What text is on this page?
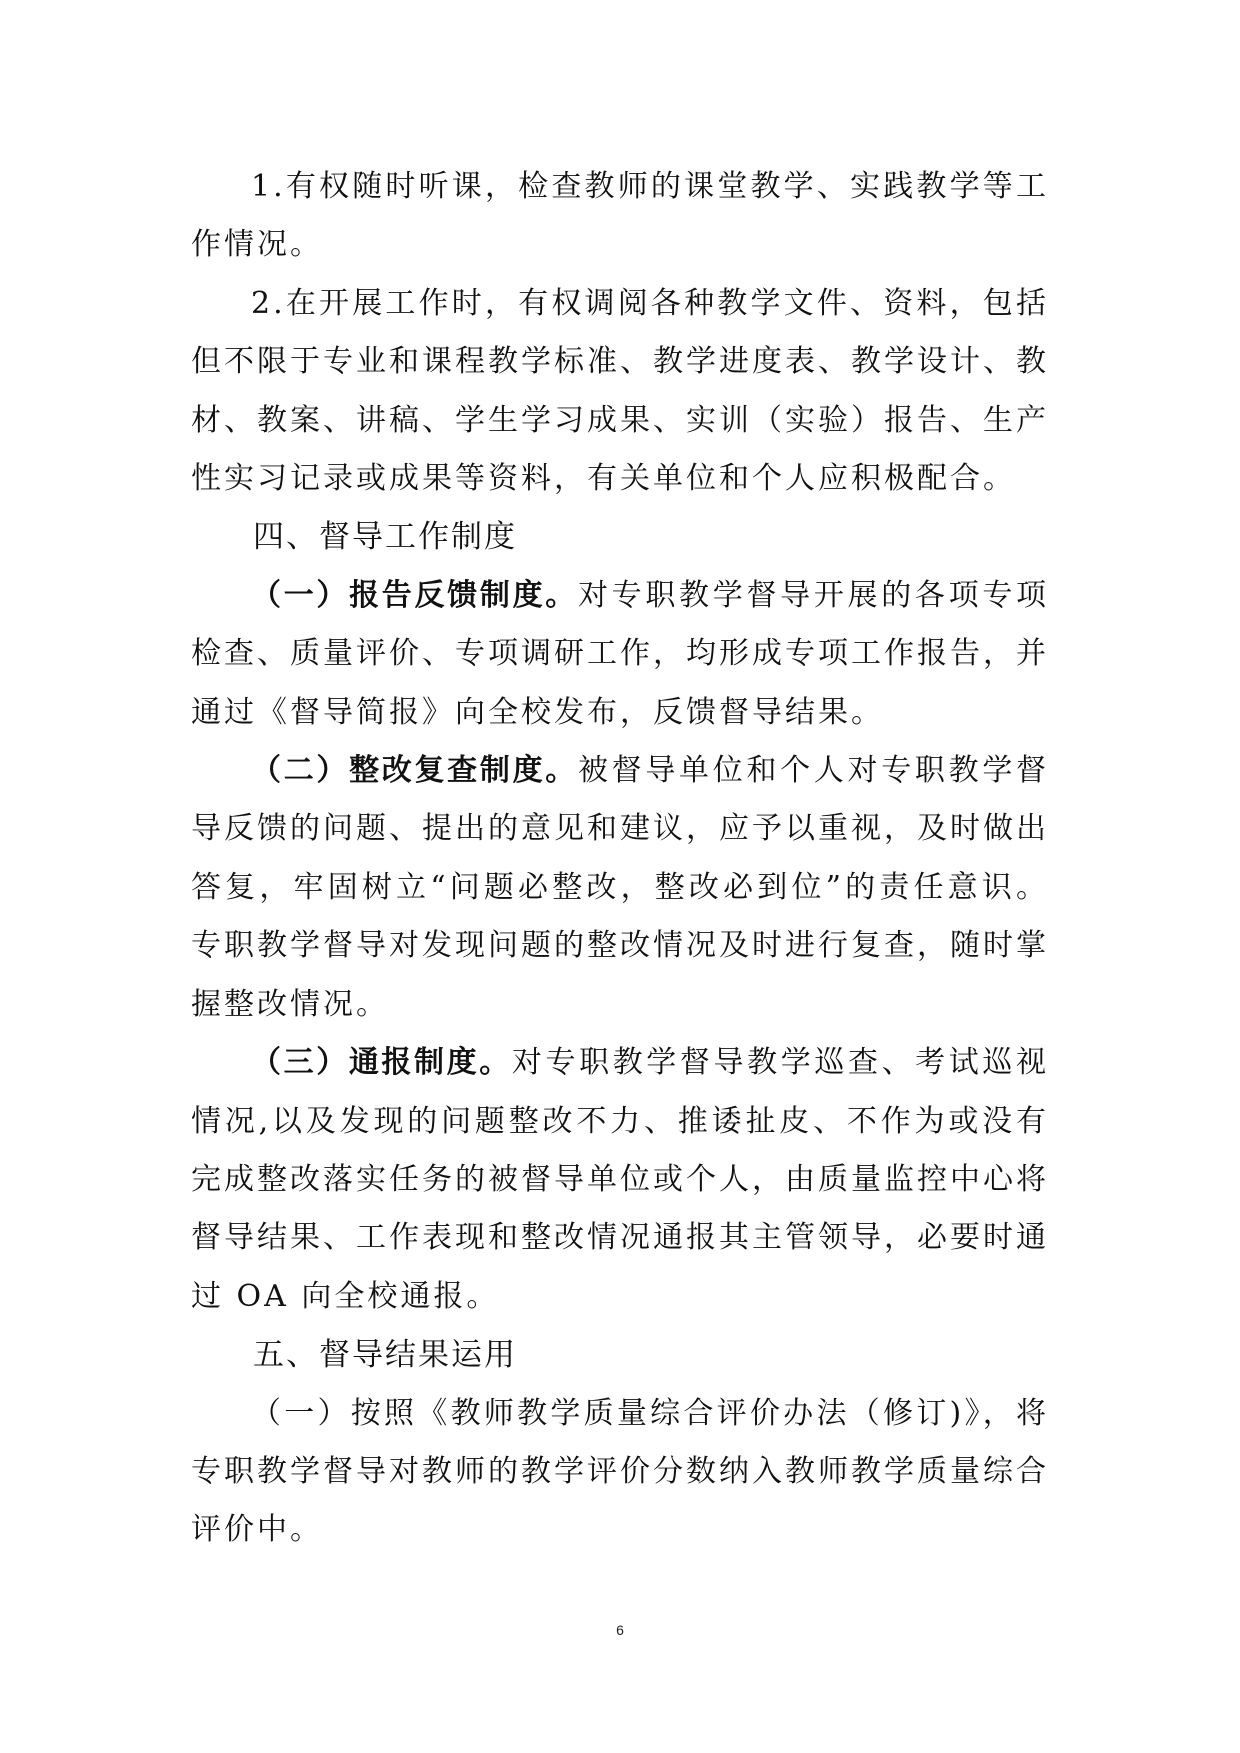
1.有权随时听课，检查教师的课堂教学、实践教学等工作情况。

2.在开展工作时，有权调阅各种教学文件、资料，包括但不限于专业和课程教学标准、教学进度表、教学设计、教材、教案、讲稿、学生学习成果、实训（实验）报告、生产性实习记录或成果等资料，有关单位和个人应积极配合。

四、督导工作制度

（一）报告反馈制度。对专职教学督导开展的各项专项检查、质量评价、专项调研工作，均形成专项工作报告，并通过《督导简报》向全校发布，反馈督导结果。

（二）整改复查制度。被督导单位和个人对专职教学督导反馈的问题、提出的意见和建议，应予以重视，及时做出答复，牢固树立“问题必整改，整改必到位”的责任意识。专职教学督导对发现问题的整改情况及时进行复查，随时掌握整改情况。

（三）通报制度。对专职教学督导教学巡查、考试巡视情况,以及发现的问题整改不力、推诿扯皮、不作为或没有完成整改落实任务的被督导单位或个人，由质量监控中心将督导结果、工作表现和整改情况通报其主管领导，必要时通过 OA 向全校通报。

五、督导结果运用

（一）按照《教师教学质量综合评价办法（修订)》，将专职教学督导对教师的教学评价分数纳入教师教学质量综合评价中。

6
